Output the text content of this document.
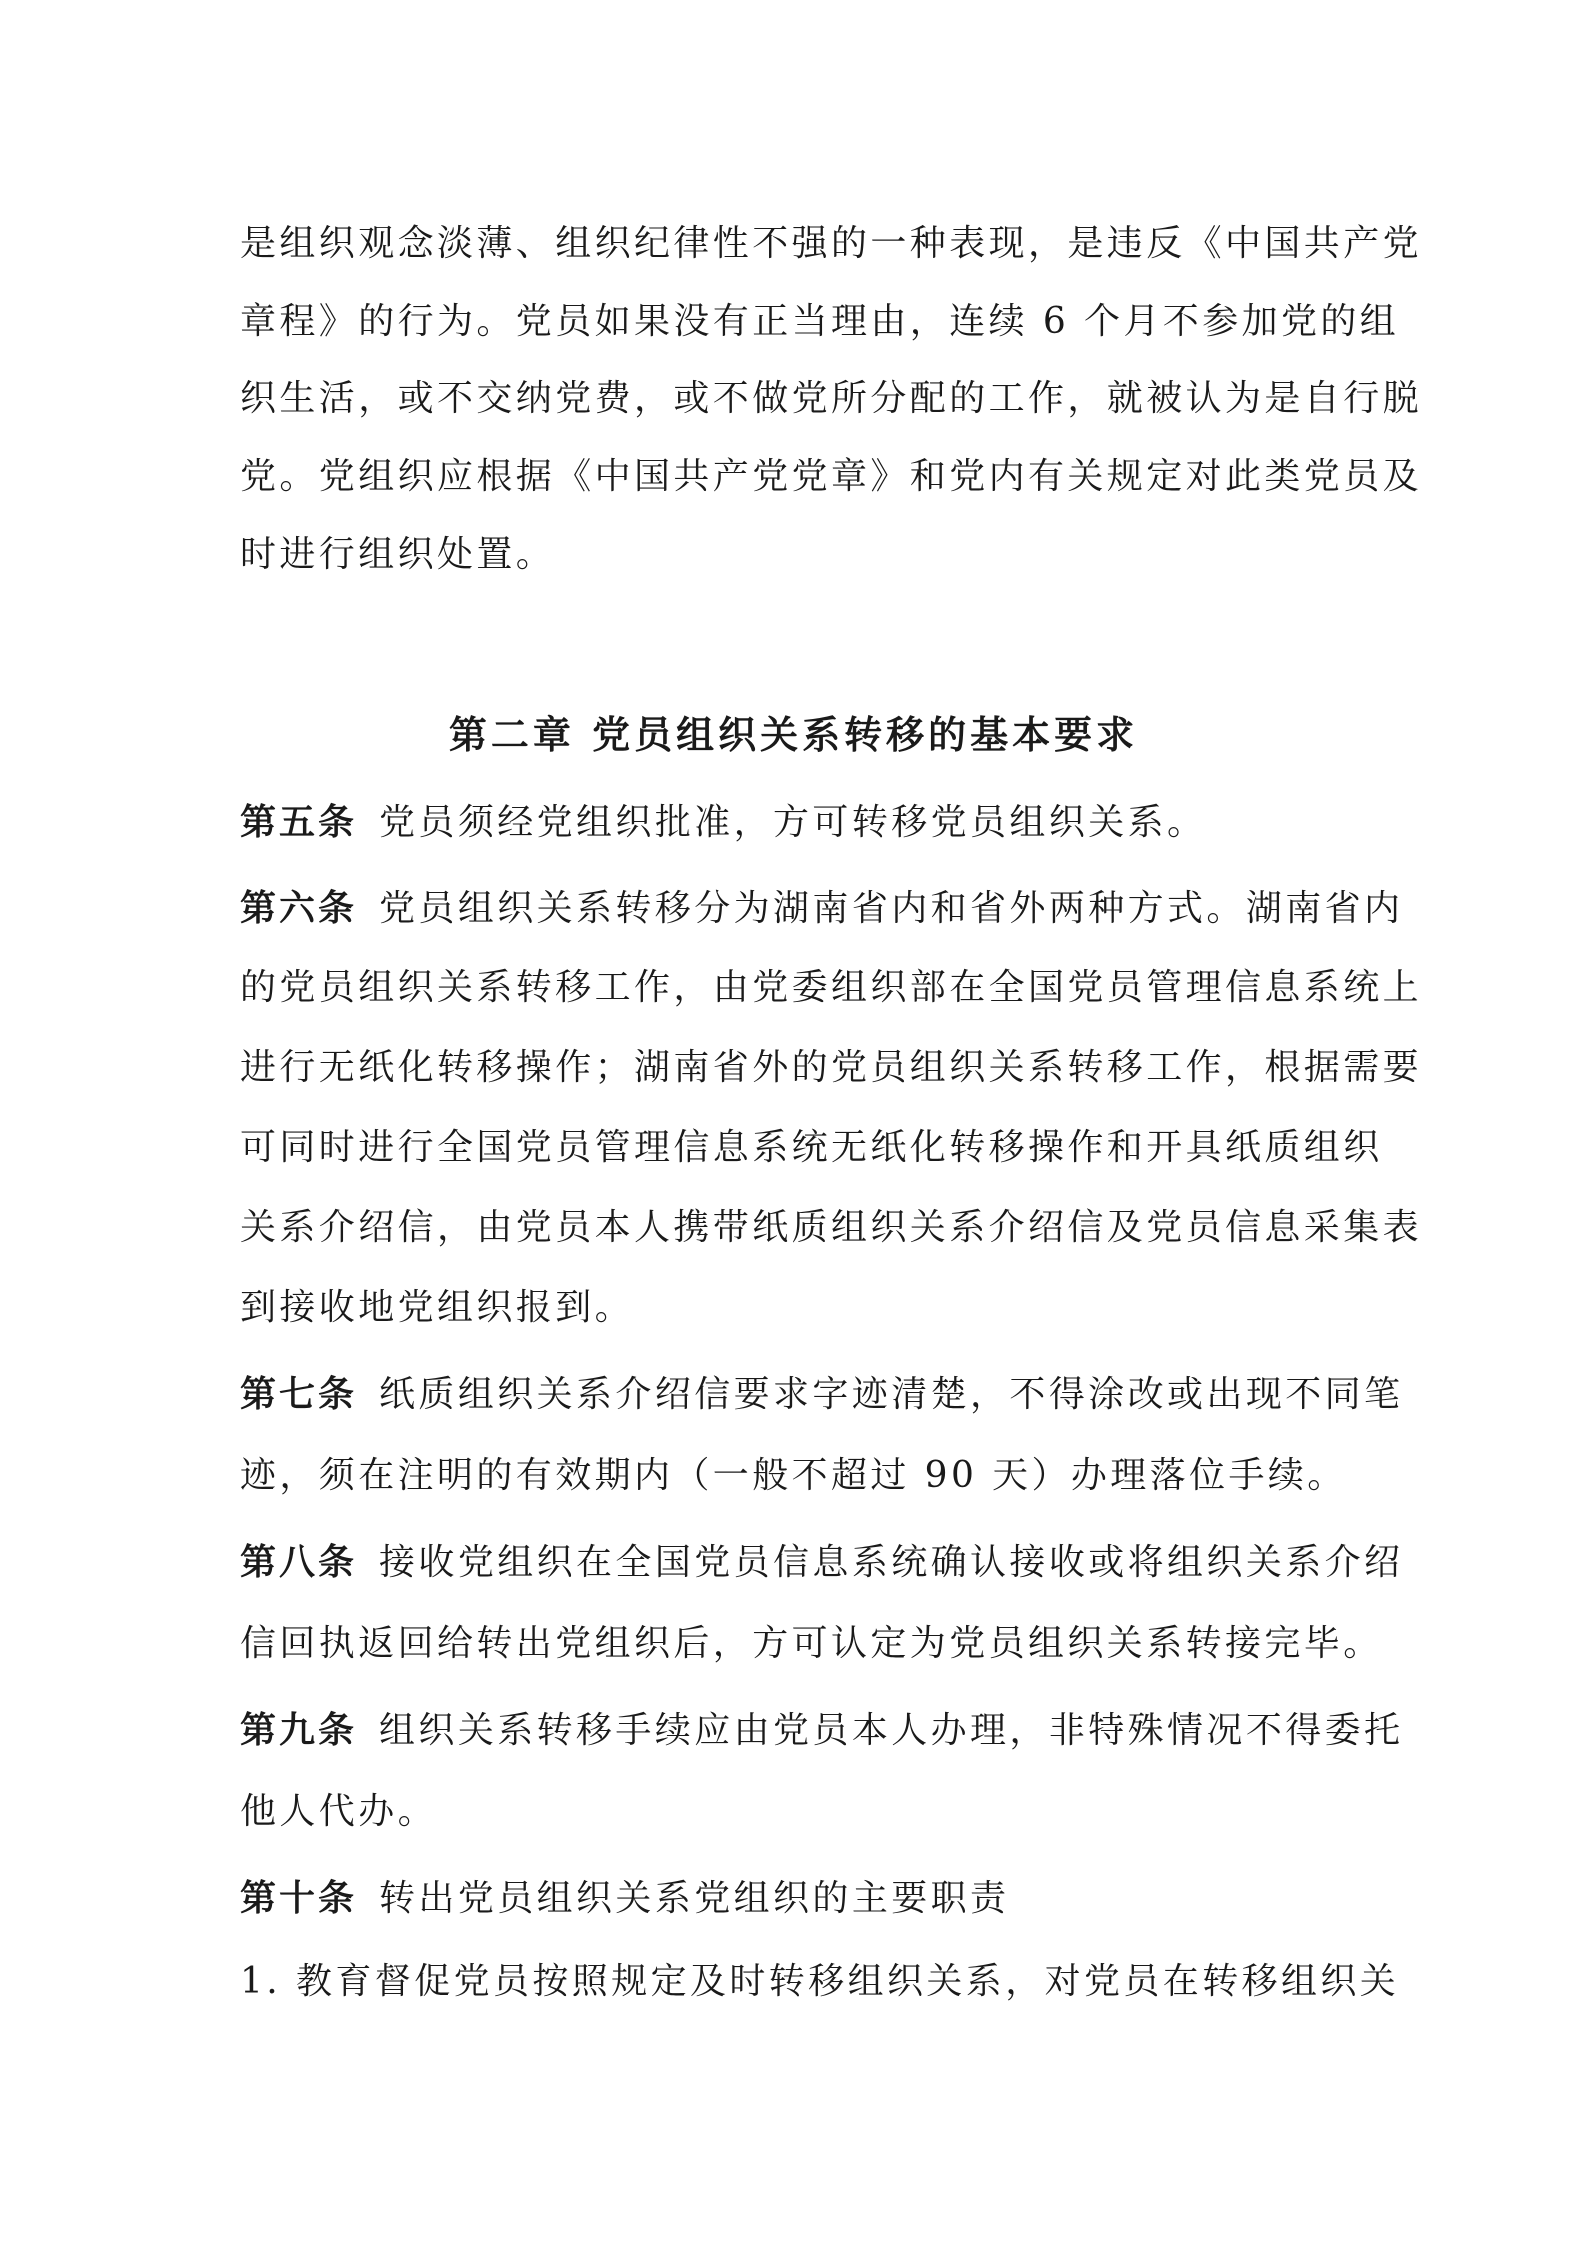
是组织观念淡薄、组织纪律性不强的一种表现，是违反《中国共产党
章程》的行为。党员如果没有正当理由，连续 6 个月不参加党的组
织生活，或不交纳党费，或不做党所分配的工作，就被认为是自行脱
党。党组织应根据《中国共产党党章》和党内有关规定对此类党员及
时进行组织处置。
第二章 党员组织关系转移的基本要求
第五条 党员须经党组织批准，方可转移党员组织关系。
第六条 党员组织关系转移分为湖南省内和省外两种方式。湖南省内
的党员组织关系转移工作，由党委组织部在全国党员管理信息系统上
进行无纸化转移操作；湖南省外的党员组织关系转移工作，根据需要
可同时进行全国党员管理信息系统无纸化转移操作和开具纸质组织
关系介绍信，由党员本人携带纸质组织关系介绍信及党员信息采集表
到接收地党组织报到。
第七条 纸质组织关系介绍信要求字迹清楚，不得涂改或出现不同笔
迹，须在注明的有效期内（一般不超过 90 天）办理落位手续。
第八条 接收党组织在全国党员信息系统确认接收或将组织关系介绍
信回执返回给转出党组织后，方可认定为党员组织关系转接完毕。
第九条 组织关系转移手续应由党员本人办理，非特殊情况不得委托
他人代办。
第十条 转出党员组织关系党组织的主要职责
1. 教育督促党员按照规定及时转移组织关系，对党员在转移组织关
